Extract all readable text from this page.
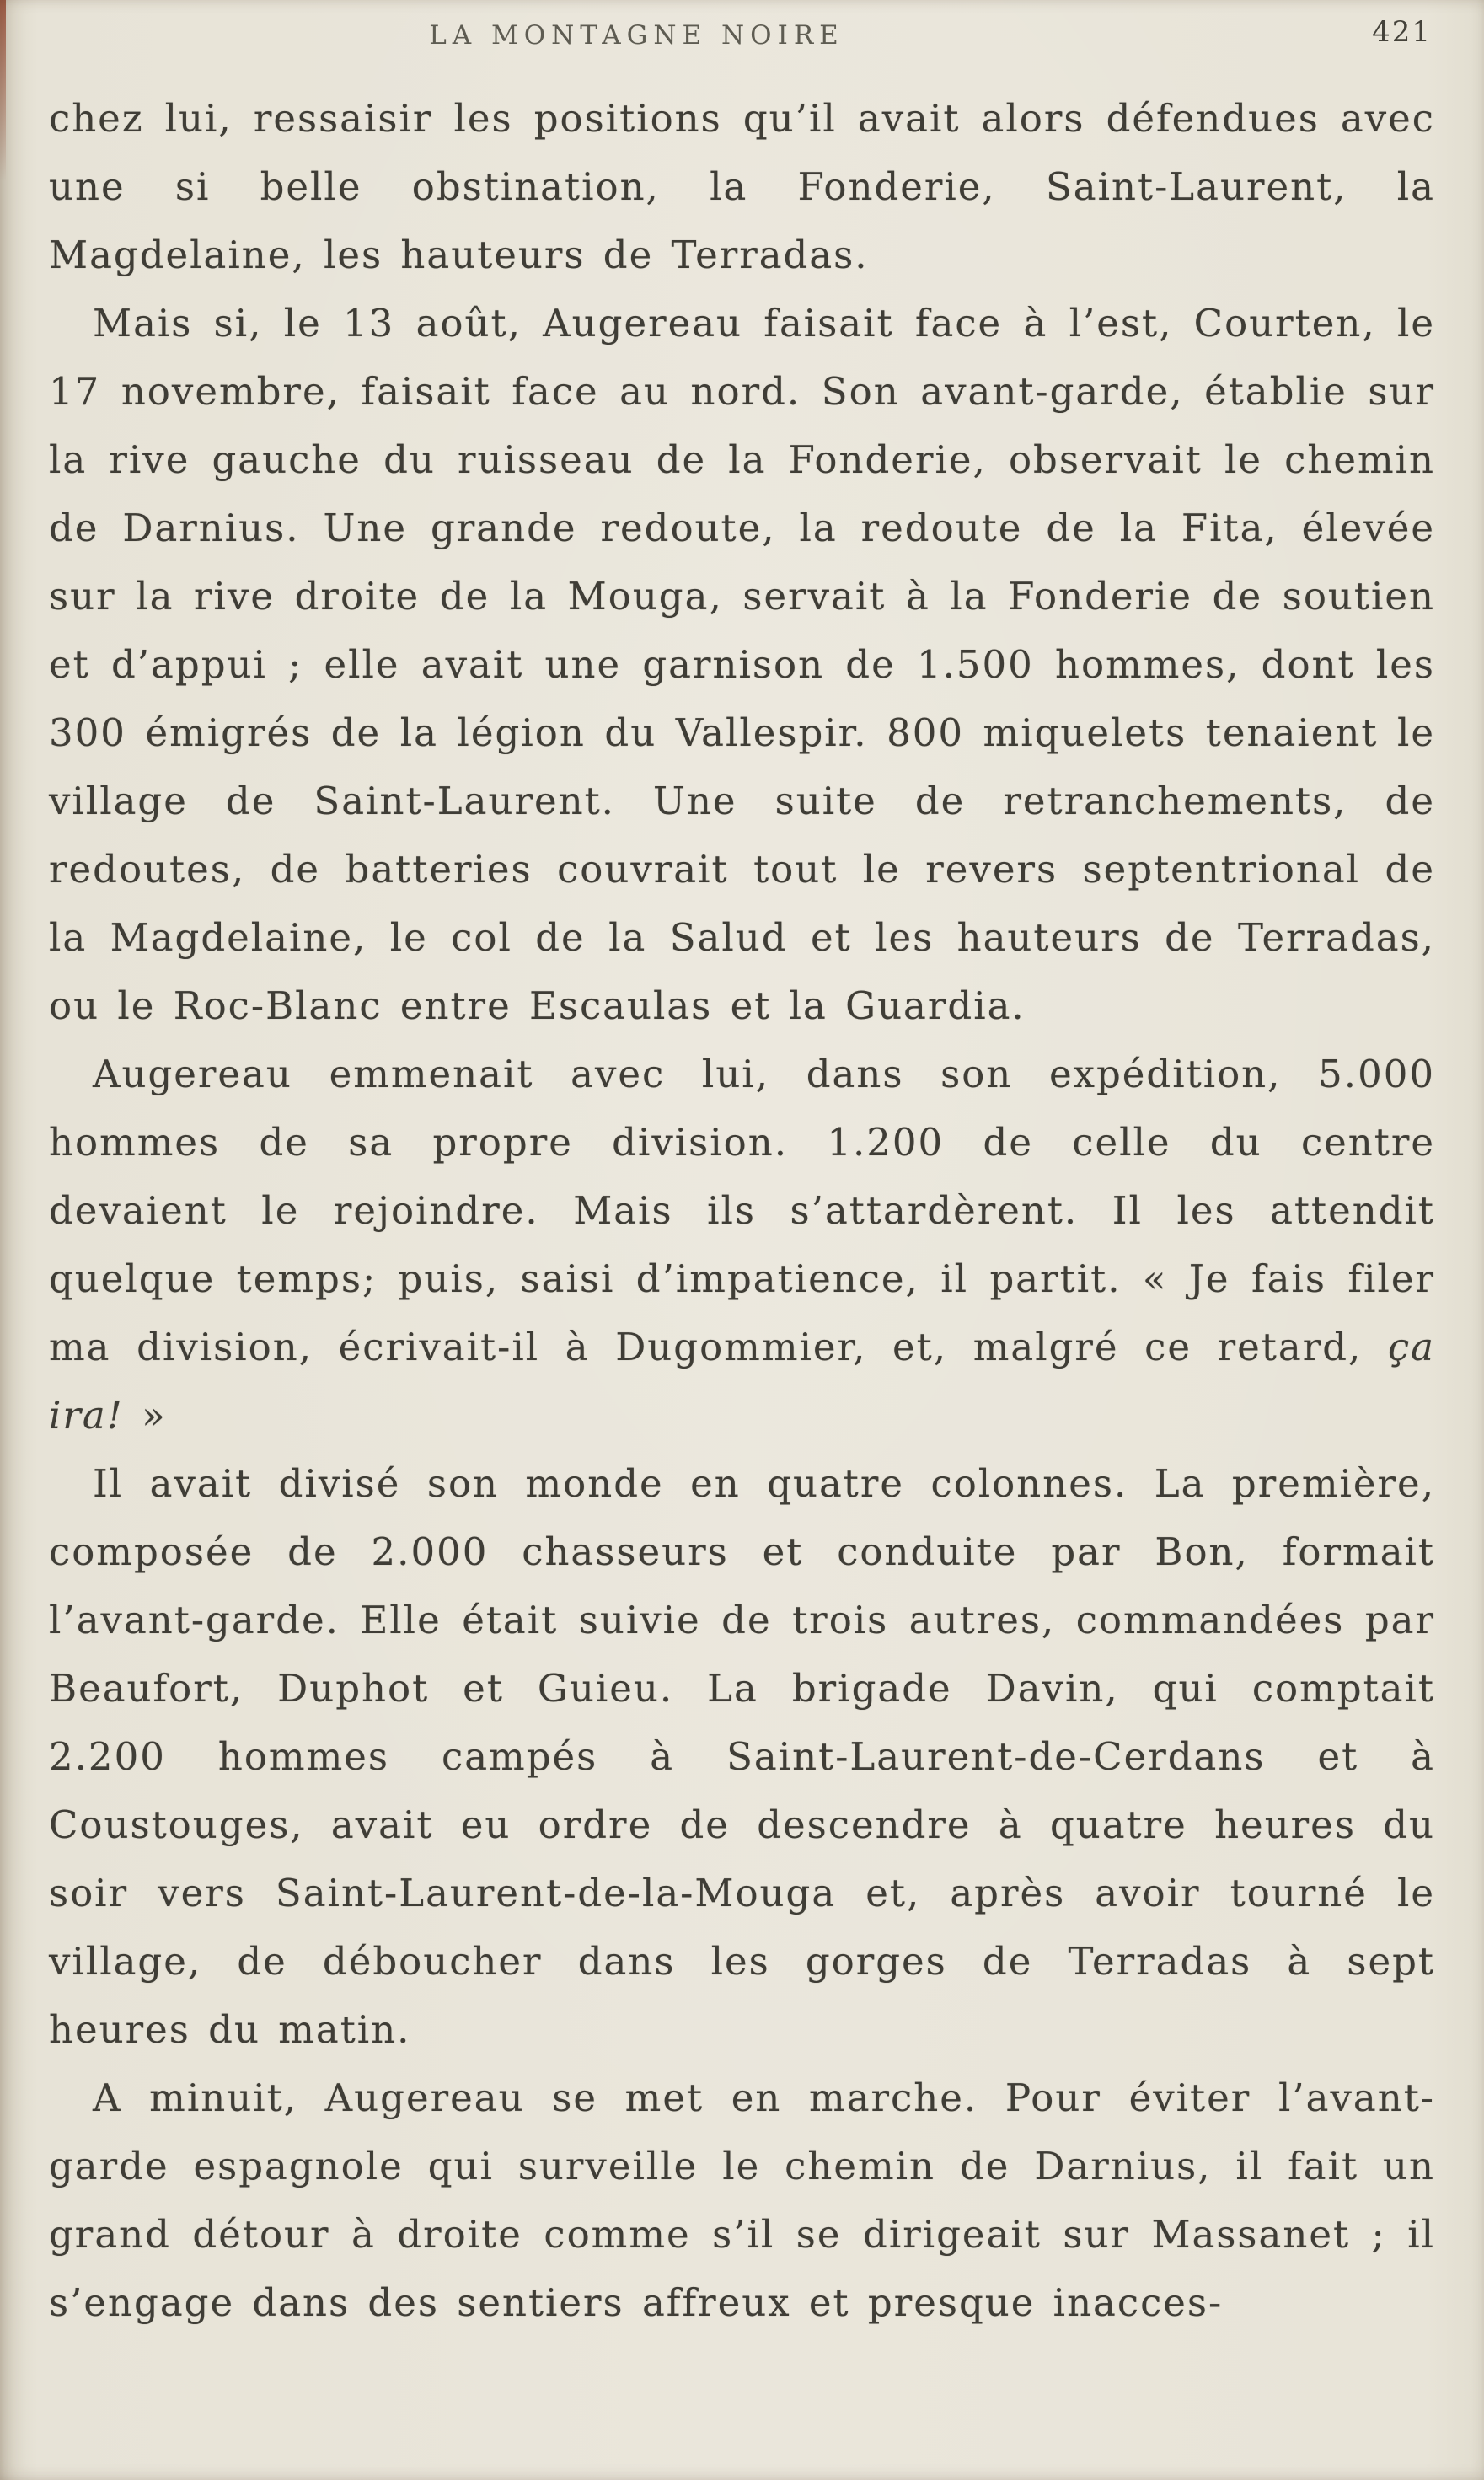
LA MONTAGNE NOIRE	421

chez lui, ressaisir les positions qu’il avait alors défendues avec une si belle obstination, la Fonderie, Saint-Laurent, la Magdelaine, les hauteurs de Terradas.

Mais si, le 13 août, Augereau faisait face à l’est, Courten, le 17 novembre, faisait face au nord. Son avant-garde, établie sur la rive gauche du ruisseau de la Fonderie, observait le chemin de Darnius. Une grande redoute, la redoute de la Fita, élevée sur la rive droite de la Mouga, servait à la Fonderie de soutien et d’appui ; elle avait une garnison de 1.500 hommes, dont les 300 émigrés de la légion du Vallespir. 800 miquelets tenaient le village de Saint-Laurent. Une suite de retranchements, de redoutes, de batteries couvrait tout le revers septentrional de la Magdelaine, le col de la Salud et les hauteurs de Terradas, ou le Roc-Blanc entre Escaulas et la Guardia.

Augereau emmenait avec lui, dans son expédition, 5.000 hommes de sa propre division. 1.200 de celle du centre devaient le rejoindre. Mais ils s’attardèrent. Il les attendit quelque temps; puis, saisi d’impatience, il partit. « Je fais filer ma division, écrivait-il à Dugommier, et, malgré ce retard, ça ira! »

Il avait divisé son monde en quatre colonnes. La première, composée de 2.000 chasseurs et conduite par Bon, formait l’avant-garde. Elle était suivie de trois autres, commandées par Beaufort, Duphot et Guieu. La brigade Davin, qui comptait 2.200 hommes campés à Saint-Laurent-de-Cerdans et à Coustouges, avait eu ordre de descendre à quatre heures du soir vers Saint-Laurent-de-la-Mouga et, après avoir tourné le village, de déboucher dans les gorges de Terradas à sept heures du matin.

A minuit, Augereau se met en marche. Pour éviter l’avant-garde espagnole qui surveille le chemin de Darnius, il fait un grand détour à droite comme s’il se dirigeait sur Massanet ; il s’engage dans des sentiers affreux et presque inacces-
